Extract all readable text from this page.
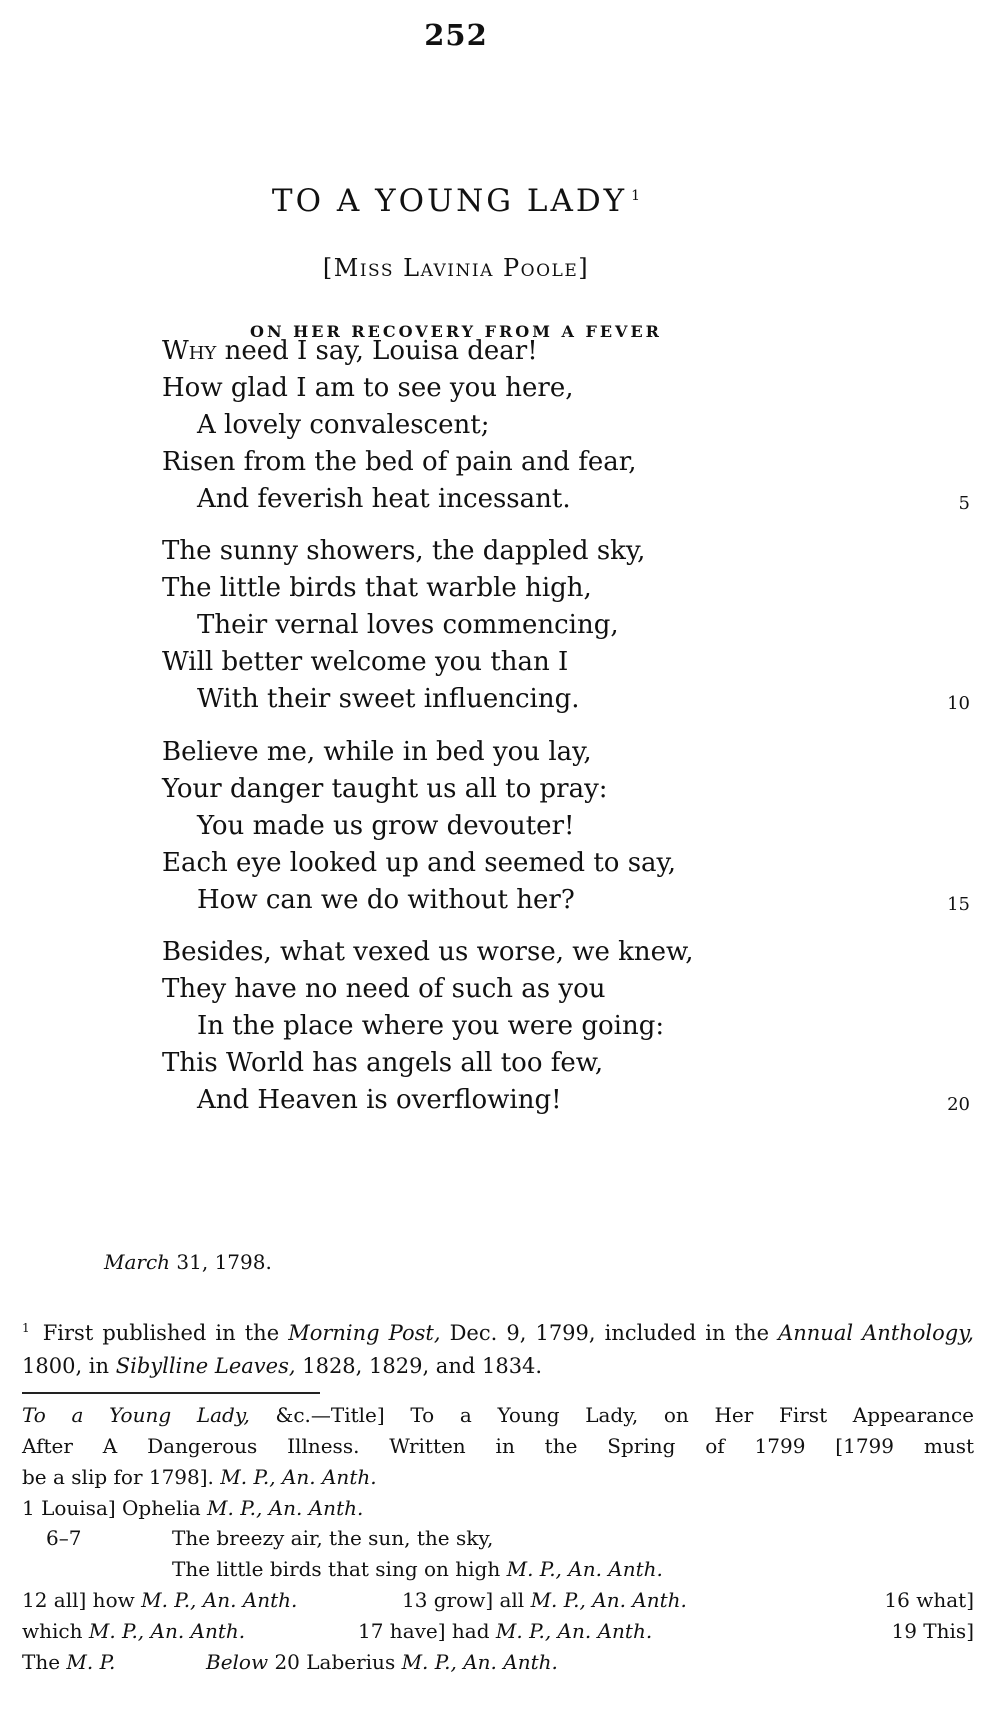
252
TO A YOUNG LADY $^1$
[Miss Lavinia Poole]
ON HER RECOVERY FROM A FEVER
Why need I say, Louisa dear!
How glad I am to see you here,
A lovely convalescent;
Risen from the bed of pain and fear,
And feverish heat incessant.	5
The sunny showers, the dappled sky,
The little birds that warble high,
Their vernal loves commencing,
Will better welcome you than I
With their sweet influencing.	10
Believe me, while in bed you lay,
Your danger taught us all to pray:
You made us grow devouter!
Each eye looked up and seemed to say,
How can we do without her?	15
Besides, what vexed us worse, we knew,
They have no need of such as you
In the place where you were going:
This World has angels all too few,
And Heaven is overflowing!	20
March 31, 1798.
$^1$ First published in the Morning Post, Dec. 9, 1799, included in the Annual Anthology, 1800, in Sibylline Leaves, 1828, 1829, and 1834.
To a Young Lady, &c.—Title] To a Young Lady, on Her First Appearance
After A Dangerous Illness. Written in the Spring of 1799 [1799 must
be a slip for 1798]. M. P., An. Anth.
1 Louisa] Ophelia M. P., An. Anth.
6–7	The breezy air, the sun, the sky,
The little birds that sing on high M. P., An. Anth.
12 all] how M. P., An. Anth.	13 grow] all M. P., An. Anth.	16 what]
which M. P., An. Anth.	17 have] had M. P., An. Anth.	19 This]
The M. P.	Below 20 Laberius M. P., An. Anth.
